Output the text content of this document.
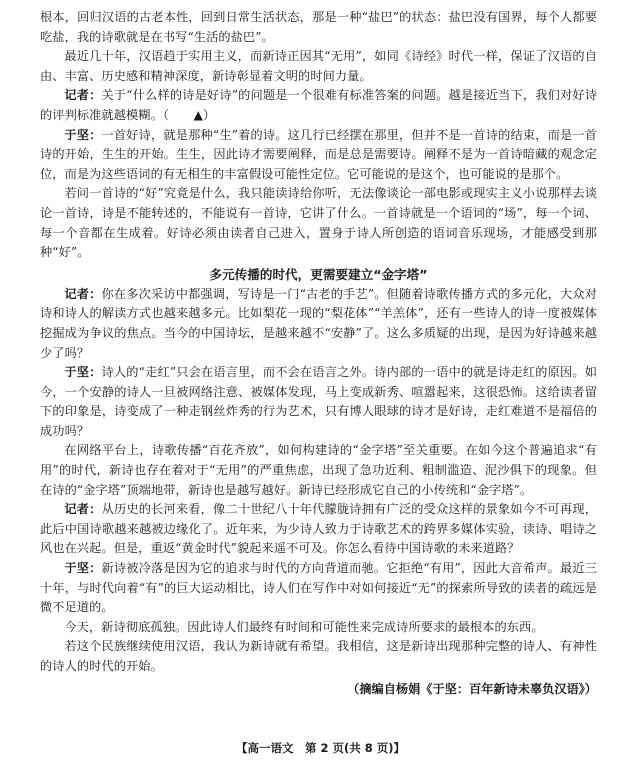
根本，回归汉语的古老本性，回到日常生活状态，那是一种“盐巴”的状态：盐巴没有国界，每个人都要吃盐，我的诗歌就是在书写“生活的盐巴”。

最近几十年，汉语趋于实用主义，而新诗正因其“无用”，如同《诗经》时代一样，保证了汉语的自由、丰富、历史感和精神深度，新诗彰显着文明的时间力量。

记者：关于“什么样的诗是好诗”的问题是一个很难有标准答案的问题。越是接近当下，我们对好诗的评判标准就越模糊。（ ▲）

于坚：一首好诗，就是那种“生”着的诗。这几行已经摆在那里，但并不是一首诗的结束，而是一首诗的开始，生生的开始。生生，因此诗才需要阐释，而是总是需要诗。阐释不是为一首诗暗藏的观念定位，而是为这些语词的有无相生的丰富假设可能性定位。它可能说的是这个，也可能说的是那个。

若问一首诗的“好”究竟是什么，我只能读诗给你听，无法像谈论一部电影或现实主义小说那样去谈论一首诗，诗是不能转述的，不能说有一首诗，它讲了什么。一首诗就是一个语词的“场”，每一个词、每一个音都在生成着。好诗必须由读者自己进入，置身于诗人所创造的语词音乐现场，才能感受到那种“好”。

多元传播的时代，更需要建立“金字塔”

记者：你在多次采访中都强调，写诗是一门“古老的手艺”。但随着诗歌传播方式的多元化，大众对诗和诗人的解读方式也越来越多元。比如梨花一现的“梨花体”“羊羔体”，还有一些诗人的诗一度被媒体挖掘成为争议的焦点。当今的中国诗坛，是越来越不“安静”了。这么多质疑的出现，是因为好诗越来越少了吗？

于坚：诗人的“走红”只会在语言里，而不会在语言之外。诗内部的一语中的就是诗走红的原因。如今，一个安静的诗人一旦被网络注意、被媒体发现，马上变成新秀、喧嚣起来，这很恐怖。这给读者留下的印象是，诗变成了一种走钢丝炸秀的行为艺术，只有博人眼球的诗才是好诗，走红难道不是福倍的成功吗？

在网络平台上，诗歌传播“百花齐放”，如何构建诗的“金字塔”至关重要。在如今这个普遍追求“有用”的时代，新诗也存在着对于“无用”的严重焦虑，出现了急功近利、粗制滥造、泥沙俱下的现象。但在诗的“金字塔”顶端地带，新诗也是越写越好。新诗已经形成它自己的小传统和“金字塔”。

记者：从历史的长河来看，像二十世纪八十年代朦胧诗拥有广泛的受众这样的景象如今不可再现，此后中国诗歌越来越被边缘化了。近年来，为少诗人致力于诗歌艺术的跨界多媒体实验，读诗、唱诗之风也在兴起。但是，重返“黄金时代”貌起来遥不可及。你怎么看待中国诗歌的未来道路？

于坚：新诗被冷落是因为它的追求与时代的方向背道而驰。它拒绝“有用”，因此大音希声。最近三十年，与时代向着“有”的巨大运动相比，诗人们在写作中对如何接近“无”的探索所导致的读者的疏远是微不足道的。

今天，新诗彻底孤独。因此诗人们最终有时间和可能性来完成诗所要求的最根本的东西。

若这个民族继续使用汉语，我认为新诗就有希望。我相信，这是新诗出现那种完整的诗人、有神性的诗人的时代的开始。

（摘编自杨娟《于坚：百年新诗未辜负汉语》）
【高一语文　第 2 页(共 8 页)】
